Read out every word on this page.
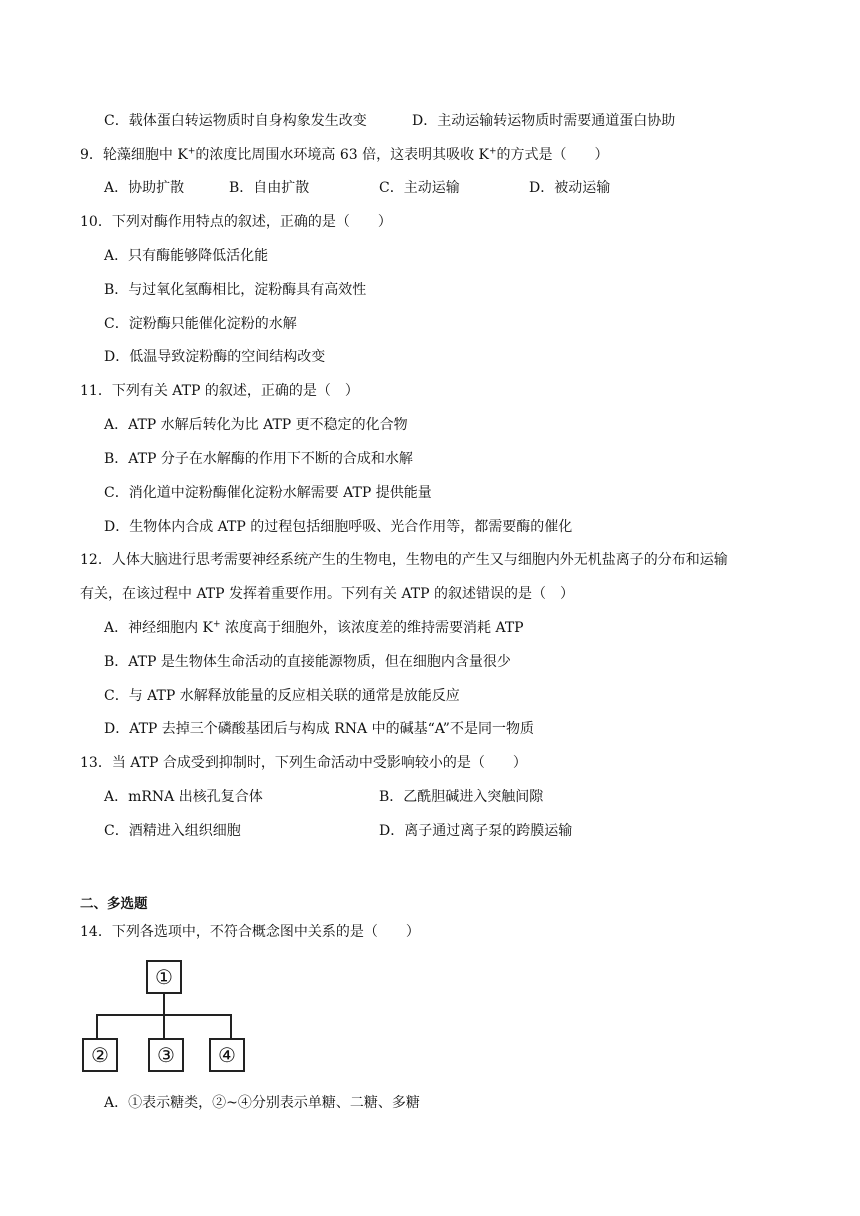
C．载体蛋白转运物质时自身构象发生改变	D．主动运输转运物质时需要通道蛋白协助
9．轮藻细胞中 K+的浓度比周围水环境高 63 倍，这表明其吸收 K+的方式是（　　）
A．协助扩散	B．自由扩散	C．主动运输	D．被动运输
10．下列对酶作用特点的叙述，正确的是（　　）
A．只有酶能够降低活化能
B．与过氧化氢酶相比，淀粉酶具有高效性
C．淀粉酶只能催化淀粉的水解
D．低温导致淀粉酶的空间结构改变
11．下列有关 ATP 的叙述，正确的是（　）
A．ATP 水解后转化为比 ATP 更不稳定的化合物
B．ATP 分子在水解酶的作用下不断的合成和水解
C．消化道中淀粉酶催化淀粉水解需要 ATP 提供能量
D．生物体内合成 ATP 的过程包括细胞呼吸、光合作用等，都需要酶的催化
12．人体大脑进行思考需要神经系统产生的生物电，生物电的产生又与细胞内外无机盐离子的分布和运输
有关，在该过程中 ATP 发挥着重要作用。下列有关 ATP 的叙述错误的是（　）
A．神经细胞内 K+ 浓度高于细胞外，该浓度差的维持需要消耗 ATP
B．ATP 是生物体生命活动的直接能源物质，但在细胞内含量很少
C．与 ATP 水解释放能量的反应相关联的通常是放能反应
D．ATP 去掉三个磷酸基团后与构成 RNA 中的碱基“A”不是同一物质
13．当 ATP 合成受到抑制时，下列生命活动中受影响较小的是（　　）
A．mRNA 出核孔复合体	B．乙酰胆碱进入突触间隙
C．酒精进入组织细胞	D．离子通过离子泵的跨膜运输
二、多选题
14．下列各选项中，不符合概念图中关系的是（　　）
①
②	③	④
A．①表示糖类，②~④分别表示单糖、二糖、多糖
